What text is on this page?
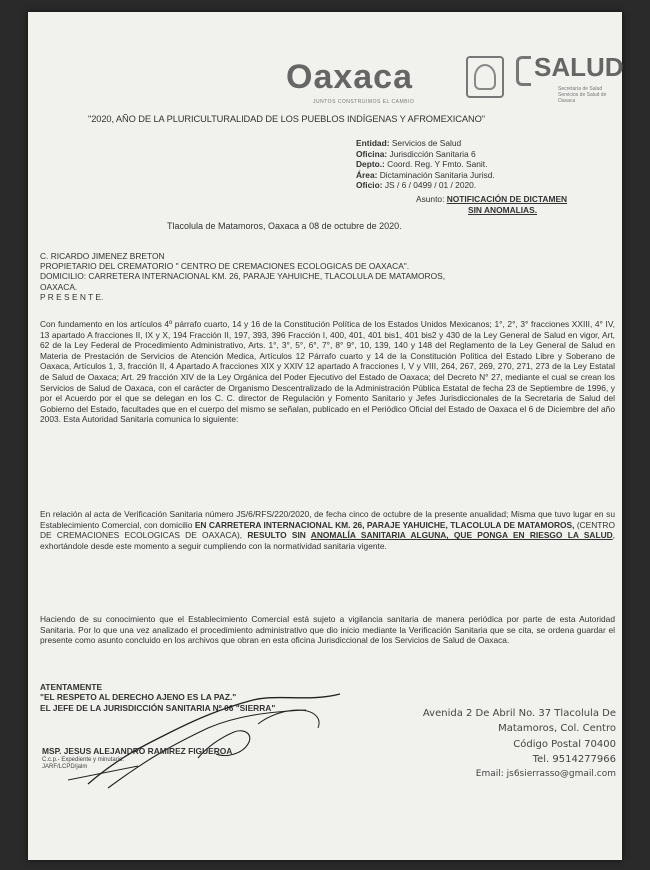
Oaxaca
JUNTOS CONSTRUIMOS EL CAMBIO
SALUD
Secretaría de Salud
Servicios de Salud de Oaxaca
"2020, AÑO DE LA PLURICULTURALIDAD DE LOS PUEBLOS INDÍGENAS Y AFROMEXICANO"
Entidad: Servicios de Salud
Oficina: Jurisdicción Sanitaria 6
Depto.: Coord. Reg. Y Fmto. Sanit.
Área: Dictaminación Sanitaria Jurisd.
Oficio: JS / 6 / 0499 / 01 / 2020.
Asunto: NOTIFICACIÓN DE DICTAMEN
SIN ANOMALIAS.
Tlacolula de Matamoros, Oaxaca a 08 de octubre de 2020.
C. RICARDO JIMENEZ BRETON
PROPIETARIO DEL CREMATORIO " CENTRO DE CREMACIONES ECOLOGICAS DE OAXACA".
DOMICILIO: CARRETERA INTERNACIONAL KM. 26, PARAJE YAHUICHE, TLACOLULA DE MATAMOROS,
OAXACA.
P R E S E N T E.
Con fundamento en los artículos 4º párrafo cuarto, 14 y 16 de la Constitución Política de los Estados Unidos Mexicanos; 1°, 2°, 3° fracciones XXIII, 4° IV, 13 apartado A fracciones II, IX y X, 194 Fracción II, 197, 393, 396 Fracción I, 400, 401, 401 bis1, 401 bis2 y 430 de la Ley General de Salud en vigor, Art, 62 de la Ley Federal de Procedimiento Administrativo, Arts. 1°, 3°, 5°, 6°, 7°, 8° 9°, 10, 139, 140 y 148 del Reglamento de la Ley General de Salud en Materia de Prestación de Servicios de Atención Medica, Artículos 12 Párrafo cuarto y 14 de la Constitución Política del Estado Libre y Soberano de Oaxaca, Artículos 1, 3, fracción II, 4 Apartado A fracciones XIX y XXIV 12 apartado A fracciones I, V y VIII, 264, 267, 269, 270, 271, 273 de la Ley Estatal de Salud de Oaxaca; Art. 29 fracción XIV de la Ley Orgánica del Poder Ejecutivo del Estado de Oaxaca; del Decreto N° 27, mediante el cual se crean los Servicios de Salud de Oaxaca, con el carácter de Organismo Descentralizado de la Administración Pública Estatal de fecha 23 de Septiembre de 1996, y por el Acuerdo por el que se delegan en los C. C. director de Regulación y Fomento Sanitario y Jefes Jurisdiccionales de la Secretaria de Salud del Gobierno del Estado, facultades que en el cuerpo del mismo se señalan, publicado en el Periódico Oficial del Estado de Oaxaca el 6 de Diciembre del año 2003. Esta Autoridad Sanitaria comunica lo siguiente:
En relación al acta de Verificación Sanitaria número JS/6/RFS/220/2020, de fecha cinco de octubre de la presente anualidad; Misma que tuvo lugar en su Establecimiento Comercial, con domicilio EN CARRETERA INTERNACIONAL KM. 26, PARAJE YAHUICHE, TLACOLULA DE MATAMOROS, (CENTRO DE CREMACIONES ECOLOGICAS DE OAXACA), RESULTO SIN ANOMALÍA SANITARIA ALGUNA, QUE PONGA EN RIESGO LA SALUD, exhortándole desde este momento a seguir cumpliendo con la normatividad sanitaria vigente.
Haciendo de su conocimiento que el Establecimiento Comercial está sujeto a vigilancia sanitaria de manera periódica por parte de esta Autoridad Sanitaria. Por lo que una vez analizado el procedimiento administrativo que dio inicio mediante la Verificación Sanitaria que se cita, se ordena guardar el presente como asunto concluido en los archivos que obran en esta oficina Jurisdiccional de los Servicios de Salud de Oaxaca.
ATENTAMENTE
"EL RESPETO AL DERECHO AJENO ES LA PAZ."
EL JEFE DE LA JURISDICCIÓN SANITARIA Nº 06 "SIERRA"
MSP. JESUS ALEJANDRO RAMIREZ FIGUEROA
C.c.p.- Expediente y minutario.
JARF/LCPD/jalm
Avenida 2 De Abril No. 37 Tlacolula De
Matamoros, Col. Centro
Código Postal 70400
Tel. 9514277966
Email: js6sierrasso@gmail.com
